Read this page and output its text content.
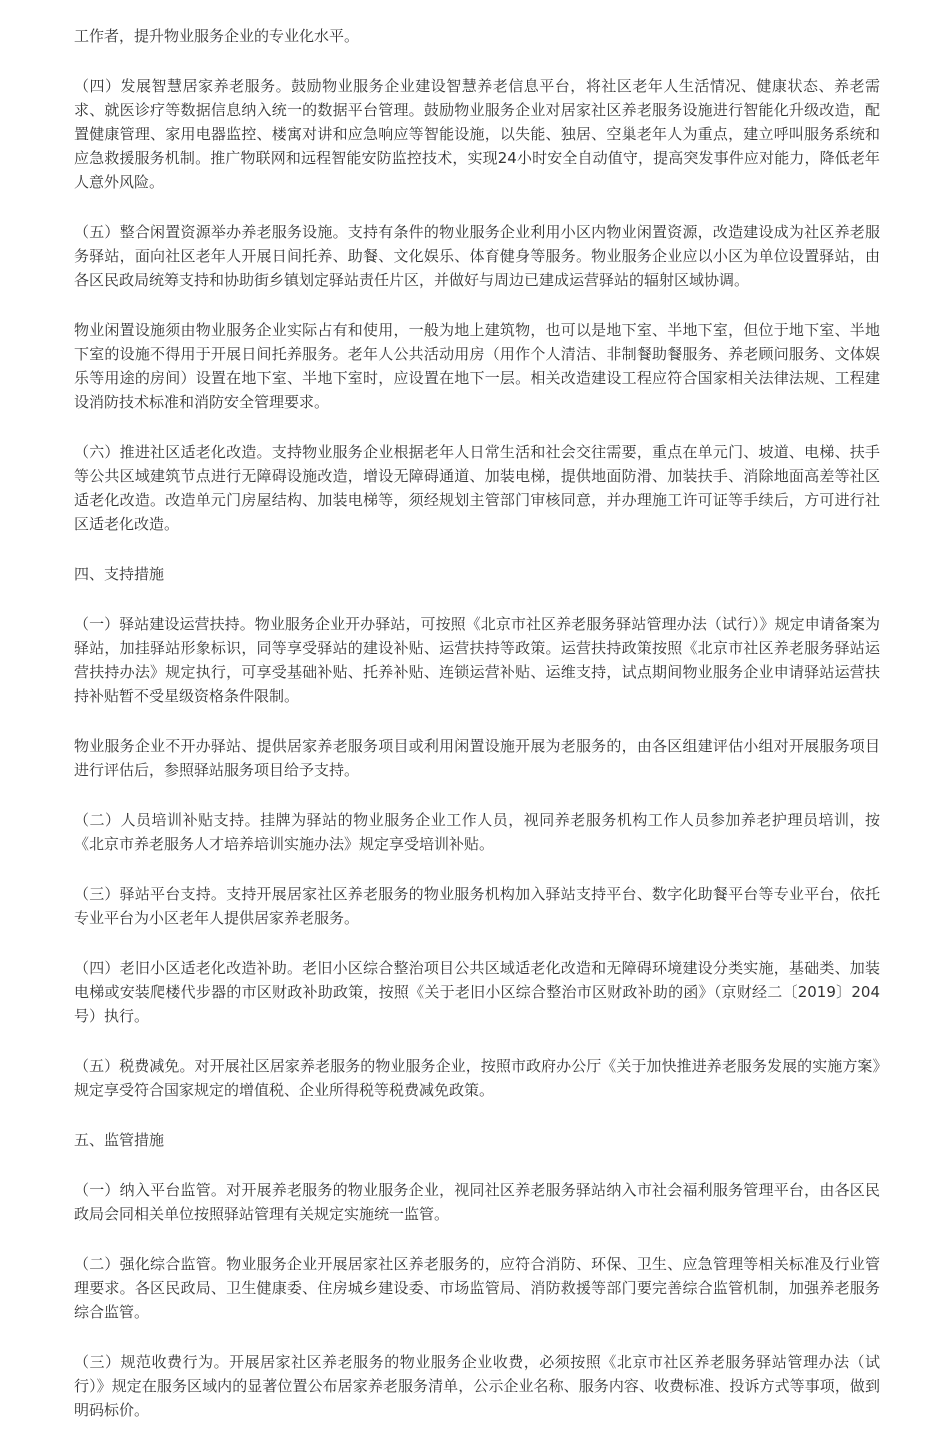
工作者，提升物业服务企业的专业化水平。

（四）发展智慧居家养老服务。鼓励物业服务企业建设智慧养老信息平台，将社区老年人生活情况、健康状态、养老需求、就医诊疗等数据信息纳入统一的数据平台管理。鼓励物业服务企业对居家社区养老服务设施进行智能化升级改造，配置健康管理、家用电器监控、楼寓对讲和应急响应等智能设施，以失能、独居、空巢老年人为重点，建立呼叫服务系统和应急救援服务机制。推广物联网和远程智能安防监控技术，实现24小时安全自动值守，提高突发事件应对能力，降低老年人意外风险。

（五）整合闲置资源举办养老服务设施。支持有条件的物业服务企业利用小区内物业闲置资源，改造建设成为社区养老服务驿站，面向社区老年人开展日间托养、助餐、文化娱乐、体育健身等服务。物业服务企业应以小区为单位设置驿站，由各区民政局统筹支持和协助街乡镇划定驿站责任片区，并做好与周边已建成运营驿站的辐射区域协调。

物业闲置设施须由物业服务企业实际占有和使用，一般为地上建筑物，也可以是地下室、半地下室，但位于地下室、半地下室的设施不得用于开展日间托养服务。老年人公共活动用房（用作个人清洁、非制餐助餐服务、养老顾问服务、文体娱乐等用途的房间）设置在地下室、半地下室时，应设置在地下一层。相关改造建设工程应符合国家相关法律法规、工程建设消防技术标准和消防安全管理要求。

（六）推进社区适老化改造。支持物业服务企业根据老年人日常生活和社会交往需要，重点在单元门、坡道、电梯、扶手等公共区域建筑节点进行无障碍设施改造，增设无障碍通道、加装电梯，提供地面防滑、加装扶手、消除地面高差等社区适老化改造。改造单元门房屋结构、加装电梯等，须经规划主管部门审核同意，并办理施工许可证等手续后，方可进行社区适老化改造。

四、支持措施

（一）驿站建设运营扶持。物业服务企业开办驿站，可按照《北京市社区养老服务驿站管理办法（试行）》规定申请备案为驿站，加挂驿站形象标识，同等享受驿站的建设补贴、运营扶持等政策。运营扶持政策按照《北京市社区养老服务驿站运营扶持办法》规定执行，可享受基础补贴、托养补贴、连锁运营补贴、运维支持，试点期间物业服务企业申请驿站运营扶持补贴暂不受星级资格条件限制。

物业服务企业不开办驿站、提供居家养老服务项目或利用闲置设施开展为老服务的，由各区组建评估小组对开展服务项目进行评估后，参照驿站服务项目给予支持。

（二）人员培训补贴支持。挂牌为驿站的物业服务企业工作人员，视同养老服务机构工作人员参加养老护理员培训，按《北京市养老服务人才培养培训实施办法》规定享受培训补贴。

（三）驿站平台支持。支持开展居家社区养老服务的物业服务机构加入驿站支持平台、数字化助餐平台等专业平台，依托专业平台为小区老年人提供居家养老服务。

（四）老旧小区适老化改造补助。老旧小区综合整治项目公共区域适老化改造和无障碍环境建设分类实施，基础类、加装电梯或安装爬楼代步器的市区财政补助政策，按照《关于老旧小区综合整治市区财政补助的函》（京财经二〔2019〕204号）执行。

（五）税费减免。对开展社区居家养老服务的物业服务企业，按照市政府办公厅《关于加快推进养老服务发展的实施方案》规定享受符合国家规定的增值税、企业所得税等税费减免政策。

五、监管措施

（一）纳入平台监管。对开展养老服务的物业服务企业，视同社区养老服务驿站纳入市社会福利服务管理平台，由各区民政局会同相关单位按照驿站管理有关规定实施统一监管。

（二）强化综合监管。物业服务企业开展居家社区养老服务的，应符合消防、环保、卫生、应急管理等相关标准及行业管理要求。各区民政局、卫生健康委、住房城乡建设委、市场监管局、消防救援等部门要完善综合监管机制，加强养老服务综合监管。

（三）规范收费行为。开展居家社区养老服务的物业服务企业收费，必须按照《北京市社区养老服务驿站管理办法（试行）》规定在服务区域内的显著位置公布居家养老服务清单，公示企业名称、服务内容、收费标准、投诉方式等事项，做到明码标价。
